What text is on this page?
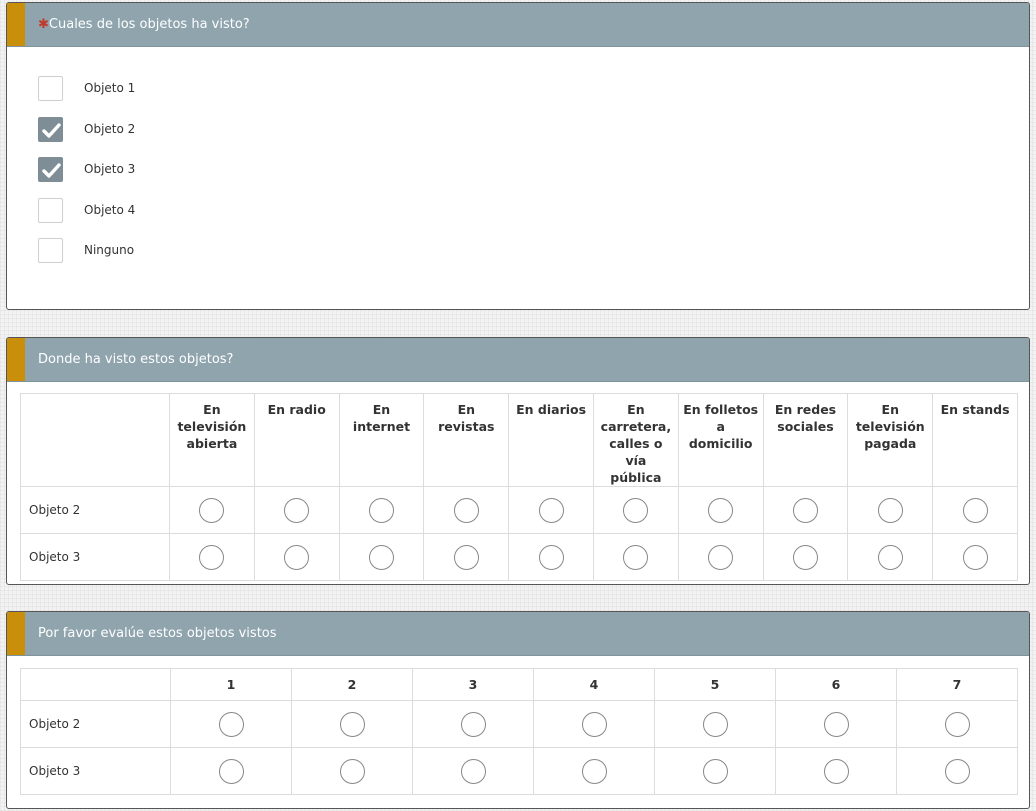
✱Cuales de los objetos ha visto?
Objeto 1
Objeto 2
Objeto 3
Objeto 4
Ninguno
Donde ha visto estos objetos?
	En televisión abierta	En radio	En internet	En revistas	En diarios	En carretera, calles o vía pública	En folletos a domicilio	En redes sociales	En televisión pagada	En stands
Objeto 2										
Objeto 3										
Por favor evalúe estos objetos vistos
	1	2	3	4	5	6	7
Objeto 2							
Objeto 3							
